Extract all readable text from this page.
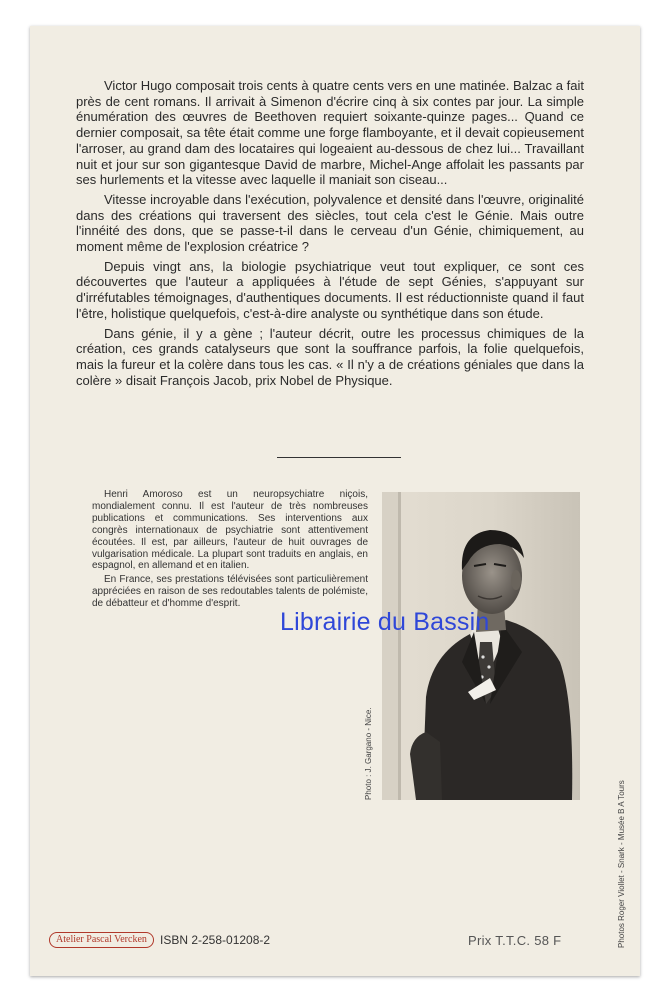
Victor Hugo composait trois cents à quatre cents vers en une matinée. Balzac a fait près de cent romans. Il arrivait à Simenon d'écrire cinq à six contes par jour. La simple énumération des œuvres de Beethoven requiert soixante-quinze pages... Quand ce dernier composait, sa tête était comme une forge flamboyante, et il devait copieusement l'arroser, au grand dam des locataires qui logeaient au-dessous de chez lui... Travaillant nuit et jour sur son gigantesque David de marbre, Michel-Ange affolait les passants par ses hurlements et la vitesse avec laquelle il maniait son ciseau...

Vitesse incroyable dans l'exécution, polyvalence et densité dans l'œuvre, originalité dans des créations qui traversent des siècles, tout cela c'est le Génie. Mais outre l'innéité des dons, que se passe-t-il dans le cerveau d'un Génie, chimiquement, au moment même de l'explosion créatrice ?

Depuis vingt ans, la biologie psychiatrique veut tout expliquer, ce sont ces découvertes que l'auteur a appliquées à l'étude de sept Génies, s'appuyant sur d'irréfutables témoignages, d'authentiques documents. Il est réductionniste quand il faut l'être, holistique quelquefois, c'est-à-dire analyste ou synthétique dans son étude.

Dans génie, il y a gène ; l'auteur décrit, outre les processus chimiques de la création, ces grands catalyseurs que sont la souffrance parfois, la folie quelquefois, mais la fureur et la colère dans tous les cas. « Il n'y a de créations géniales que dans la colère » disait François Jacob, prix Nobel de Physique.

Henri Amoroso est un neuropsychiatre niçois, mondialement connu. Il est l'auteur de très nombreuses publications et communications. Ses interventions aux congrès internationaux de psychiatrie sont attentivement écoutées. Il est, par ailleurs, l'auteur de huit ouvrages de vulgarisation médicale. La plupart sont traduits en anglais, en espagnol, en allemand et en italien.

En France, ses prestations télévisées sont particulièrement appréciées en raison de ses redoutables talents de polémiste, de débatteur et d'homme d'esprit.

Photo : J. Gargano - Nice.
Librairie du Bassin
Photos Roger Viollet - Snark - Musée B A Tours
Atelier Pascal Vercken	ISBN 2-258-01208-2	Prix T.T.C. 58 F
